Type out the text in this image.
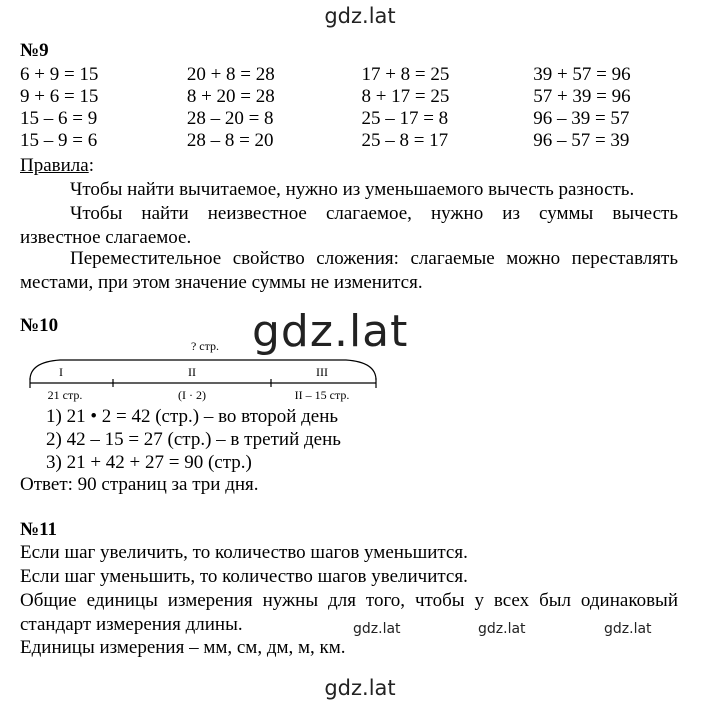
gdz.lat
gdz.lat
gdz.lat	gdz.lat	gdz.lat
gdz.lat
№9
6 + 9 = 15	20 + 8 = 28	17 + 8 = 25	39 + 57 = 96
9 + 6 = 15	8 + 20 = 28	8 + 17 = 25	57 + 39 = 96
15 – 6 = 9	28 – 20 = 8	25 – 17 = 8	96 – 39 = 57
15 – 9 = 6	28 – 8 = 20	25 – 8 = 17	96 – 57 = 39
Правила:
Чтобы найти вычитаемое, нужно из уменьшаемого вычесть разность.
Чтобы найти неизвестное слагаемое, нужно из суммы вычесть
известное слагаемое.
Переместительное свойство сложения: слагаемые можно переставлять
местами, при этом значение суммы не изменится.
№10
? стр.
I	II	III
21 стр.	(I · 2)	II – 15 стр.
1) 21 • 2 = 42 (стр.) – во второй день
2) 42 – 15 = 27 (стр.) – в третий день
3) 21 + 42 + 27 = 90 (стр.)
Ответ: 90 страниц за три дня.
№11
Если шаг увеличить, то количество шагов уменьшится.
Если шаг уменьшить, то количество шагов увеличится.
Общие единицы измерения нужны для того, чтобы у всех был одинаковый
стандарт измерения длины.
Единицы измерения – мм, см, дм, м, км.
